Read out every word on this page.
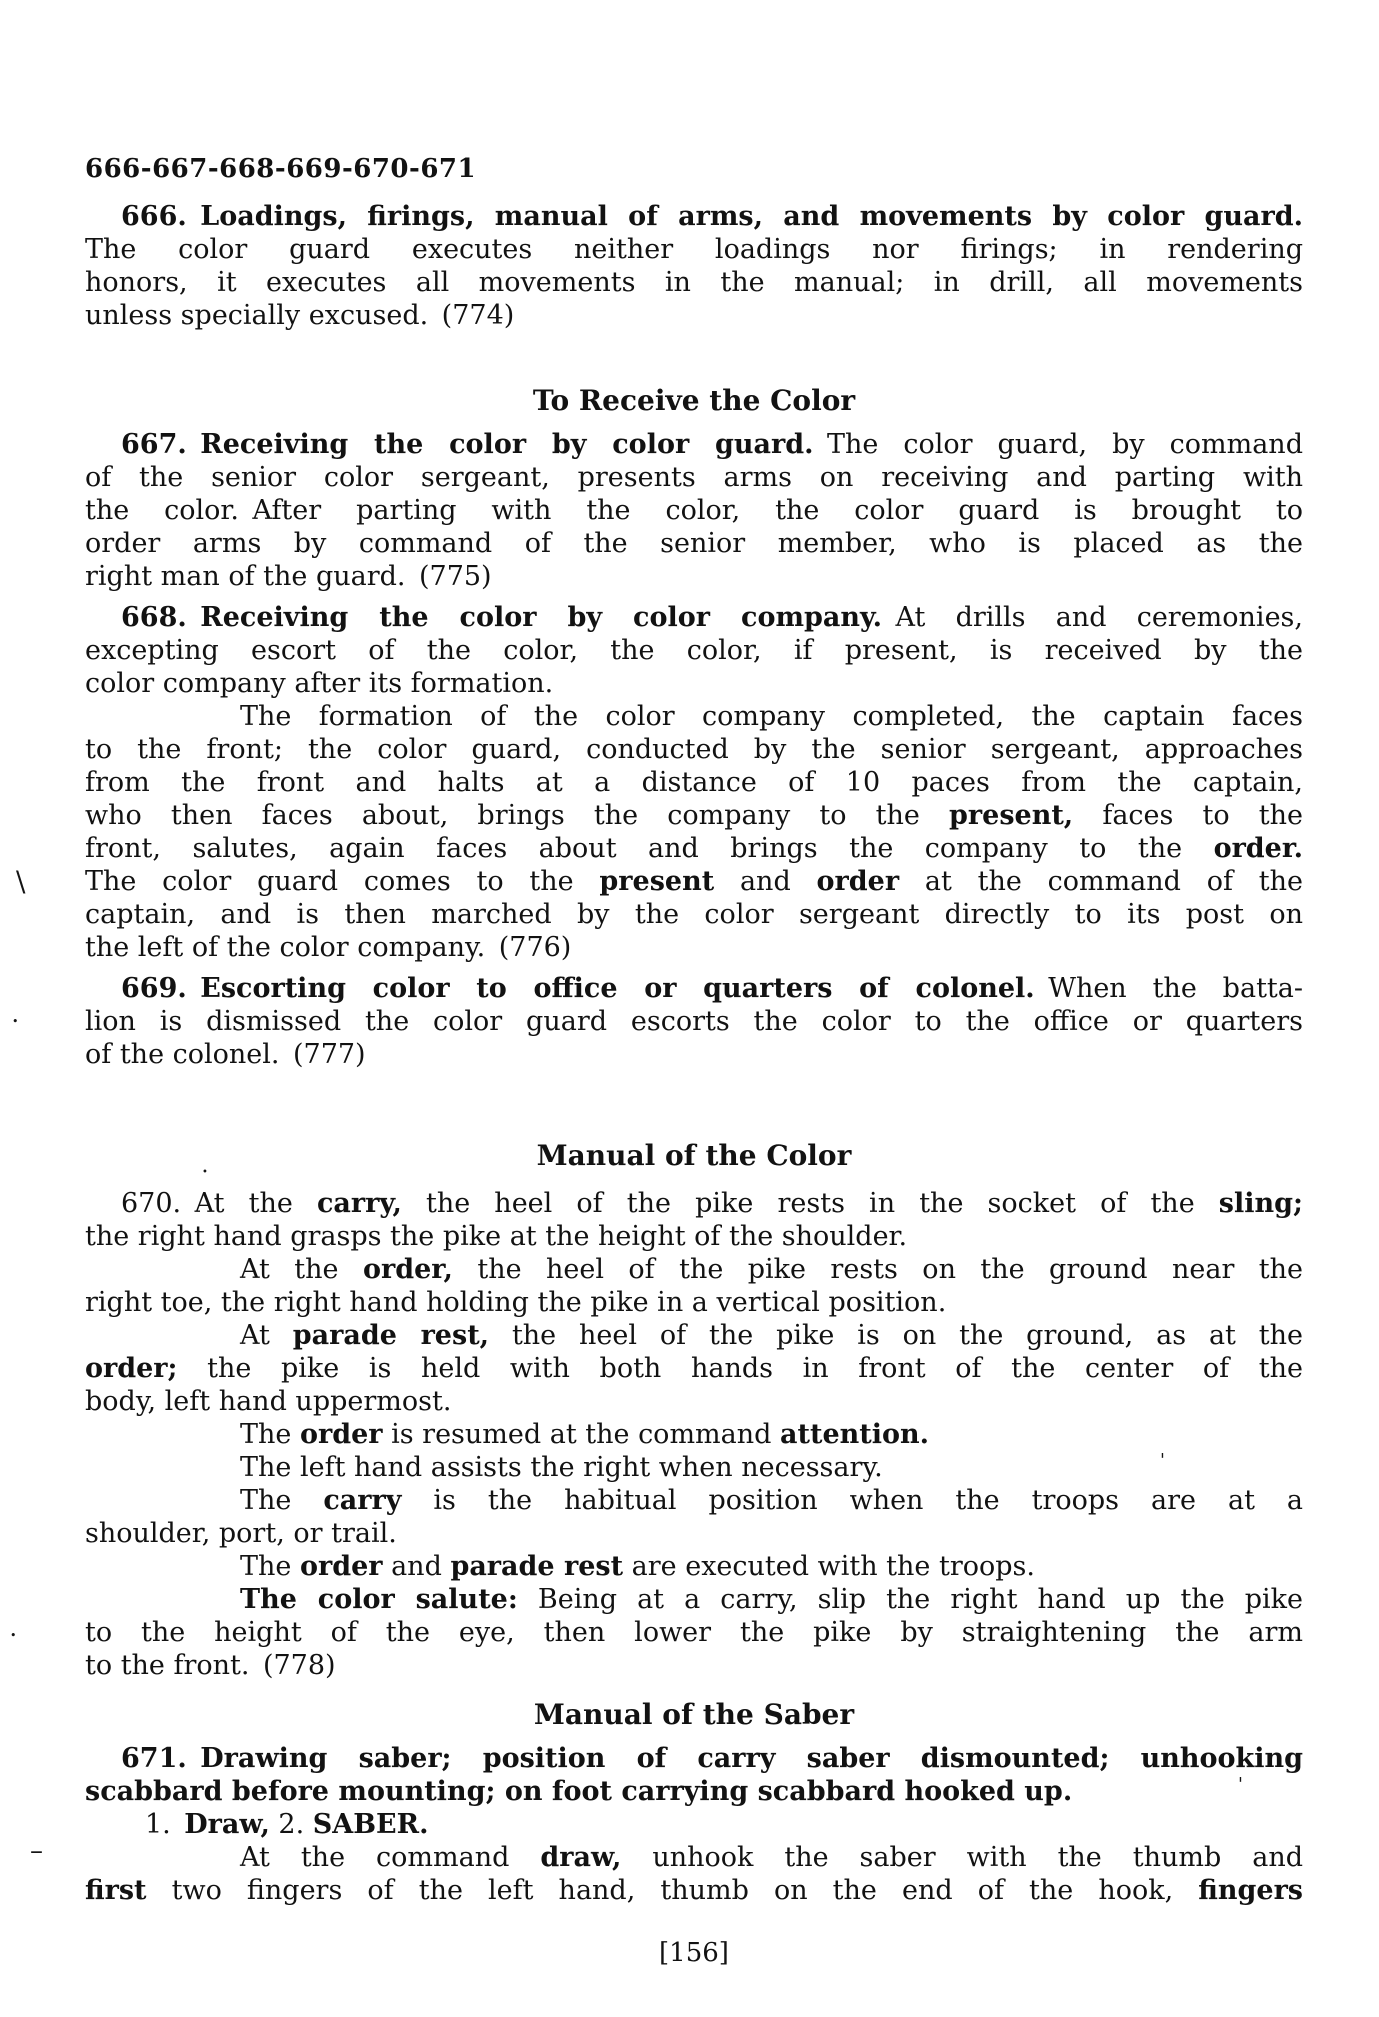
666-667-668-669-670-671
666. Loadings, firings, manual of arms, and movements by color guard.
The color guard executes neither loadings nor firings; in rendering
honors, it executes all movements in the manual; in drill, all movements
unless specially excused. (774)
To Receive the Color
667. Receiving the color by color guard. The color guard, by command
of the senior color sergeant, presents arms on receiving and parting with
the color. After parting with the color, the color guard is brought to
order arms by command of the senior member, who is placed as the
right man of the guard. (775)
668. Receiving the color by color company. At drills and ceremonies,
excepting escort of the color, the color, if present, is received by the
color company after its formation.
The formation of the color company completed, the captain faces
to the front; the color guard, conducted by the senior sergeant, approaches
from the front and halts at a distance of 10 paces from the captain,
who then faces about, brings the company to the present, faces to the
front, salutes, again faces about and brings the company to the order.
The color guard comes to the present and order at the command of the
captain, and is then marched by the color sergeant directly to its post on
the left of the color company. (776)
669. Escorting color to office or quarters of colonel. When the batta-
lion is dismissed the color guard escorts the color to the office or quarters
of the colonel. (777)
Manual of the Color
670. At the carry, the heel of the pike rests in the socket of the sling;
the right hand grasps the pike at the height of the shoulder.
At the order, the heel of the pike rests on the ground near the
right toe, the right hand holding the pike in a vertical position.
At parade rest, the heel of the pike is on the ground, as at the
order; the pike is held with both hands in front of the center of the
body, left hand uppermost.
The order is resumed at the command attention.
The left hand assists the right when necessary.
The carry is the habitual position when the troops are at a
shoulder, port, or trail.
The order and parade rest are executed with the troops.
The color salute: Being at a carry, slip the right hand up the pike
to the height of the eye, then lower the pike by straightening the arm
to the front. (778)
Manual of the Saber
671. Drawing saber; position of carry saber dismounted; unhooking
scabbard before mounting; on foot carrying scabbard hooked up.
1. Draw, 2. SABER.
At the command draw, unhook the saber with the thumb and
first two fingers of the left hand, thumb on the end of the hook, fingers
[156]
\
•
•
•
–
'
'
